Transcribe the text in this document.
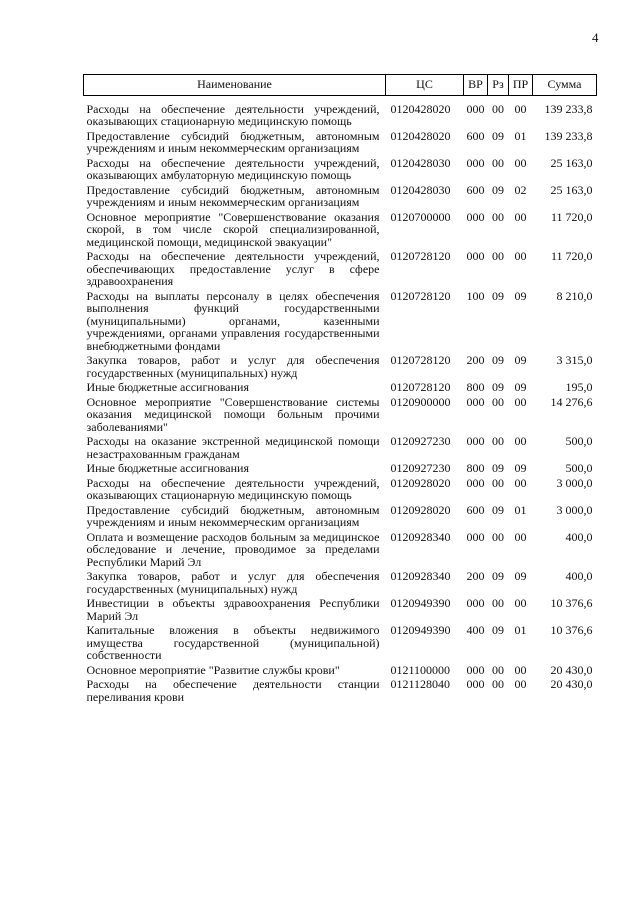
4
Наименование	ЦС	ВР	Рз	ПР	Сумма
Расходы на обеспечение деятельности учреждений, оказывающих стационарную медицинскую помощь	0120428020	000	00	00	139 233,8
Предоставление субсидий бюджетным, автономным учреждениям и иным некоммерческим организациям	0120428020	600	09	01	139 233,8
Расходы на обеспечение деятельности учреждений, оказывающих амбулаторную медицинскую помощь	0120428030	000	00	00	25 163,0
Предоставление субсидий бюджетным, автономным учреждениям и иным некоммерческим организациям	0120428030	600	09	02	25 163,0
Основное мероприятие "Совершенствование оказания скорой, в том числе скорой специализированной, медицинской помощи, медицинской эвакуации"	0120700000	000	00	00	11 720,0
Расходы на обеспечение деятельности учреждений, обеспечивающих предоставление услуг в сфере здравоохранения	0120728120	000	00	00	11 720,0
Расходы на выплаты персоналу в целях обеспечения выполнения функций государственными (муниципальными) органами, казенными учреждениями, органами управления государственными внебюджетными фондами	0120728120	100	09	09	8 210,0
Закупка товаров, работ и услуг для обеспечения государственных (муниципальных) нужд	0120728120	200	09	09	3 315,0
Иные бюджетные ассигнования	0120728120	800	09	09	195,0
Основное мероприятие "Совершенствование системы оказания медицинской помощи больным прочими заболеваниями"	0120900000	000	00	00	14 276,6
Расходы на оказание экстренной медицинской помощи незастрахованным гражданам	0120927230	000	00	00	500,0
Иные бюджетные ассигнования	0120927230	800	09	09	500,0
Расходы на обеспечение деятельности учреждений, оказывающих стационарную медицинскую помощь	0120928020	000	00	00	3 000,0
Предоставление субсидий бюджетным, автономным учреждениям и иным некоммерческим организациям	0120928020	600	09	01	3 000,0
Оплата и возмещение расходов больным за медицинское обследование и лечение, проводимое за пределами Республики Марий Эл	0120928340	000	00	00	400,0
Закупка товаров, работ и услуг для обеспечения государственных (муниципальных) нужд	0120928340	200	09	09	400,0
Инвестиции в объекты здравоохранения Республики Марий Эл	0120949390	000	00	00	10 376,6
Капитальные вложения в объекты недвижимого имущества государственной (муниципальной) собственности	0120949390	400	09	01	10 376,6
Основное мероприятие "Развитие службы крови"	0121100000	000	00	00	20 430,0
Расходы на обеспечение деятельности станции переливания крови	0121128040	000	00	00	20 430,0
